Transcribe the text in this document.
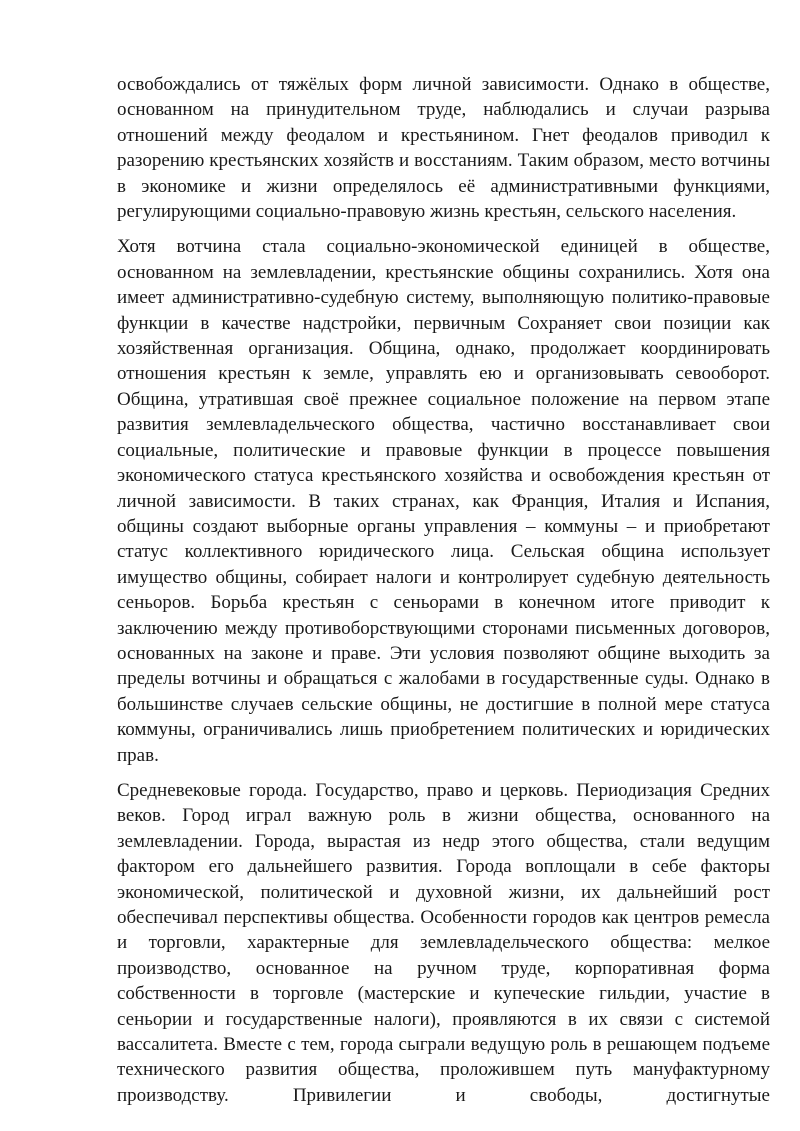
освобождались от тяжёлых форм личной зависимости. Однако в обществе, основанном на принудительном труде, наблюдались и случаи разрыва отношений между феодалом и крестьянином. Гнет феодалов приводил к разорению крестьянских хозяйств и восстаниям. Таким образом, место вотчины в экономике и жизни определялось её административными функциями, регулирующими социально-правовую жизнь крестьян, сельского населения.

Хотя вотчина стала социально-экономической единицей в обществе, основанном на землевладении, крестьянские общины сохранились. Хотя она имеет административно-судебную систему, выполняющую политико-правовые функции в качестве надстройки, первичным Сохраняет свои позиции как хозяйственная организация. Община, однако, продолжает координировать отношения крестьян к земле, управлять ею и организовывать севооборот. Община, утратившая своё прежнее социальное положение на первом этапе развития землевладельческого общества, частично восстанавливает свои социальные, политические и правовые функции в процессе повышения экономического статуса крестьянского хозяйства и освобождения крестьян от личной зависимости. В таких странах, как Франция, Италия и Испания, общины создают выборные органы управления – коммуны – и приобретают статус коллективного юридического лица. Сельская община использует имущество общины, собирает налоги и контролирует судебную деятельность сеньоров. Борьба крестьян с сеньорами в конечном итоге приводит к заключению между противоборствующими сторонами письменных договоров, основанных на законе и праве. Эти условия позволяют общине выходить за пределы вотчины и обращаться с жалобами в государственные суды. Однако в большинстве случаев сельские общины, не достигшие в полной мере статуса коммуны, ограничивались лишь приобретением политических и юридических прав.

Средневековые города. Государство, право и церковь. Периодизация Средних веков. Город играл важную роль в жизни общества, основанного на землевладении. Города, вырастая из недр этого общества, стали ведущим фактором его дальнейшего развития. Города воплощали в себе факторы экономической, политической и духовной жизни, их дальнейший рост обеспечивал перспективы общества. Особенности городов как центров ремесла и торговли, характерные для землевладельческого общества: мелкое производство, основанное на ручном труде, корпоративная форма собственности в торговле (мастерские и купеческие гильдии, участие в сеньории и государственные налоги), проявляются в их связи с системой вассалитета. Вместе с тем, города сыграли ведущую роль в решающем подъеме технического развития общества, проложившем путь мануфактурному производству. Привилегии и свободы, достигнутые
